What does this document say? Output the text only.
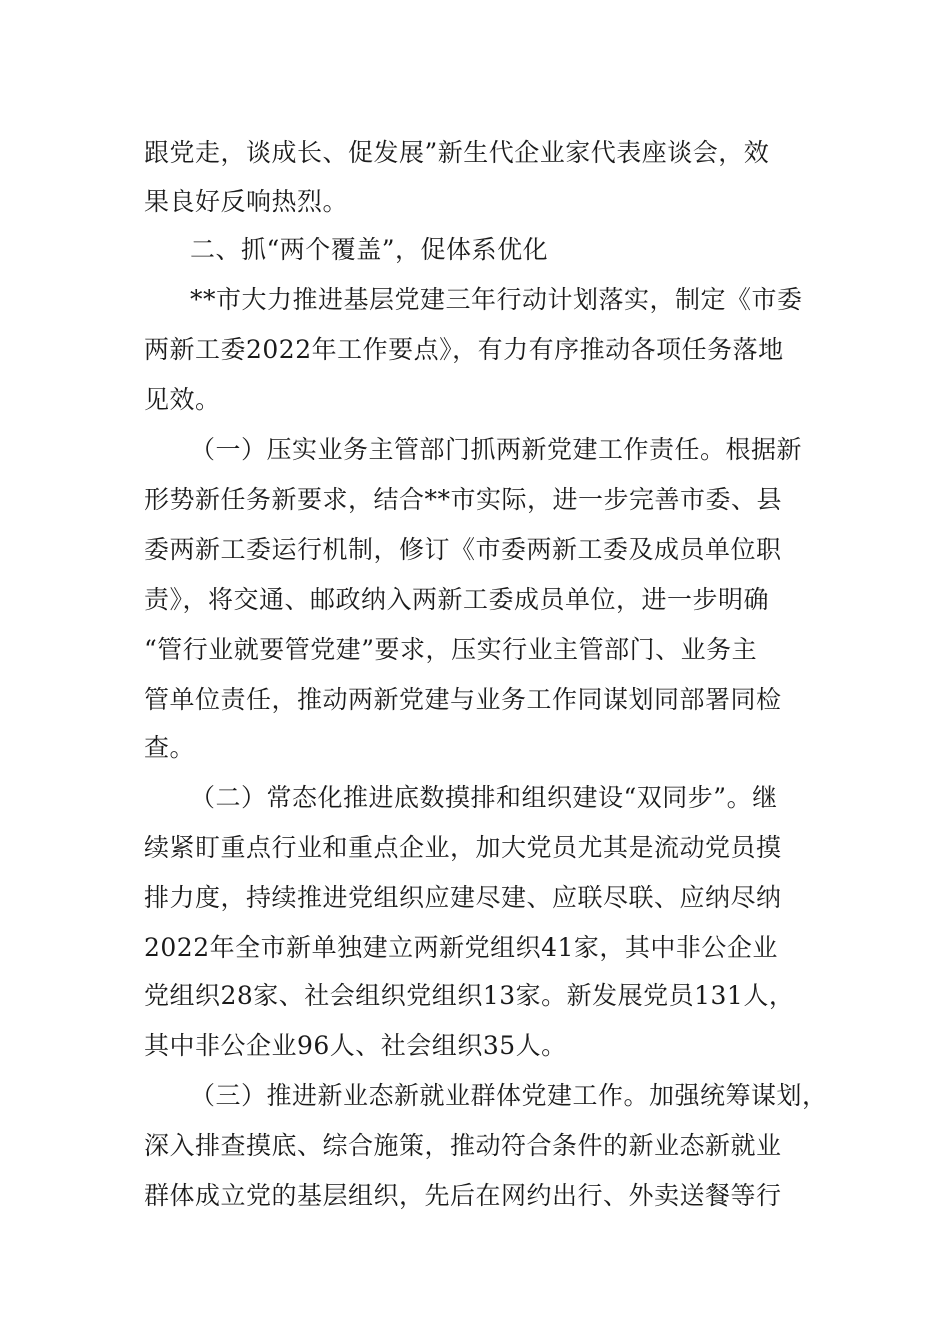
跟党走，谈成长、促发展”新生代企业家代表座谈会，效
果良好反响热烈。
二、抓“两个覆盖”，促体系优化
**市大力推进基层党建三年行动计划落实，制定《市委
两新工委2022年工作要点》，有力有序推动各项任务落地
见效。
（一）压实业务主管部门抓两新党建工作责任。根据新
形势新任务新要求，结合**市实际，进一步完善市委、县
委两新工委运行机制，修订《市委两新工委及成员单位职
责》，将交通、邮政纳入两新工委成员单位，进一步明确
“管行业就要管党建”要求，压实行业主管部门、业务主
管单位责任，推动两新党建与业务工作同谋划同部署同检
查。
（二）常态化推进底数摸排和组织建设“双同步”。继
续紧盯重点行业和重点企业，加大党员尤其是流动党员摸
排力度，持续推进党组织应建尽建、应联尽联、应纳尽纳
2022年全市新单独建立两新党组织41家，其中非公企业
党组织28家、社会组织党组织13家。新发展党员131人，
其中非公企业96人、社会组织35人。
（三）推进新业态新就业群体党建工作。加强统筹谋划，
深入排查摸底、综合施策，推动符合条件的新业态新就业
群体成立党的基层组织，先后在网约出行、外卖送餐等行
